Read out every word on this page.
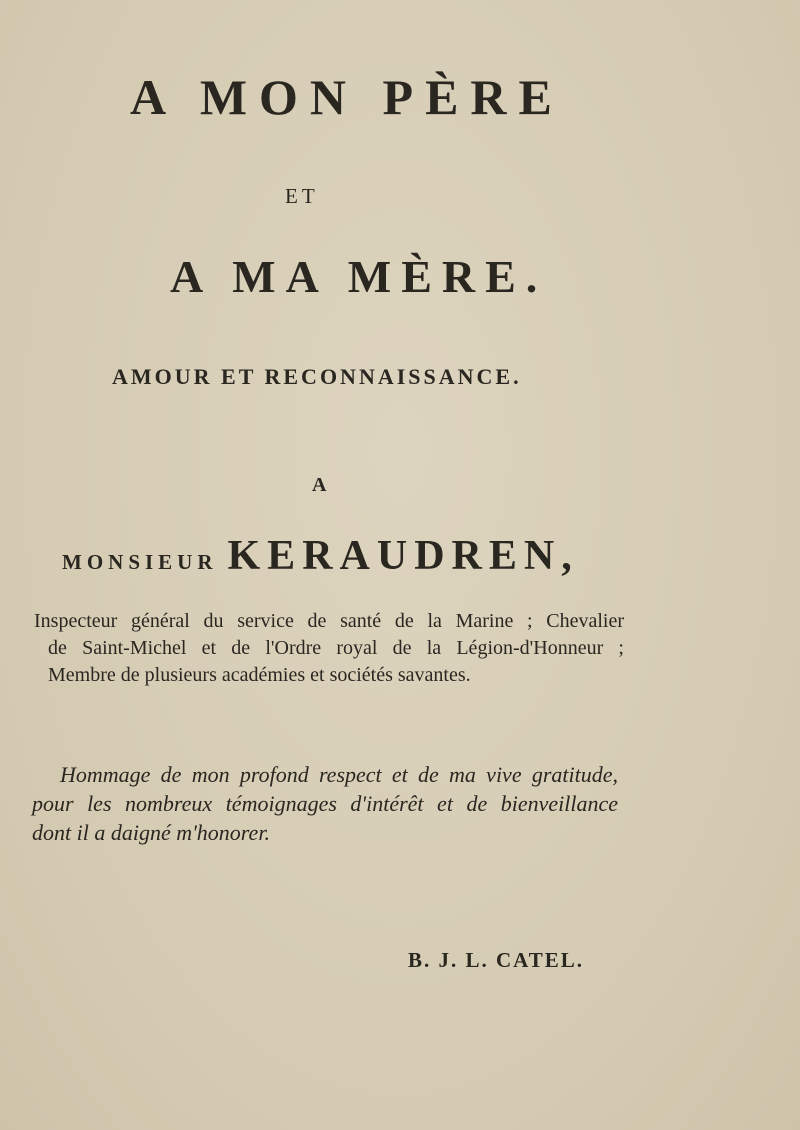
A MON PÈRE
ET
A MA MÈRE.
AMOUR ET RECONNAISSANCE.
A
MONSIEUR KERAUDREN,
Inspecteur général du service de santé de la Marine ; Chevalier
de Saint-Michel et de l'Ordre royal de la Légion-d'Honneur ;
Membre de plusieurs académies et sociétés savantes.
Hommage de mon profond respect et de ma vive gratitude,
pour les nombreux témoignages d'intérêt et de bienveillance
dont il a daigné m'honorer.
B. J. L. CATEL.
